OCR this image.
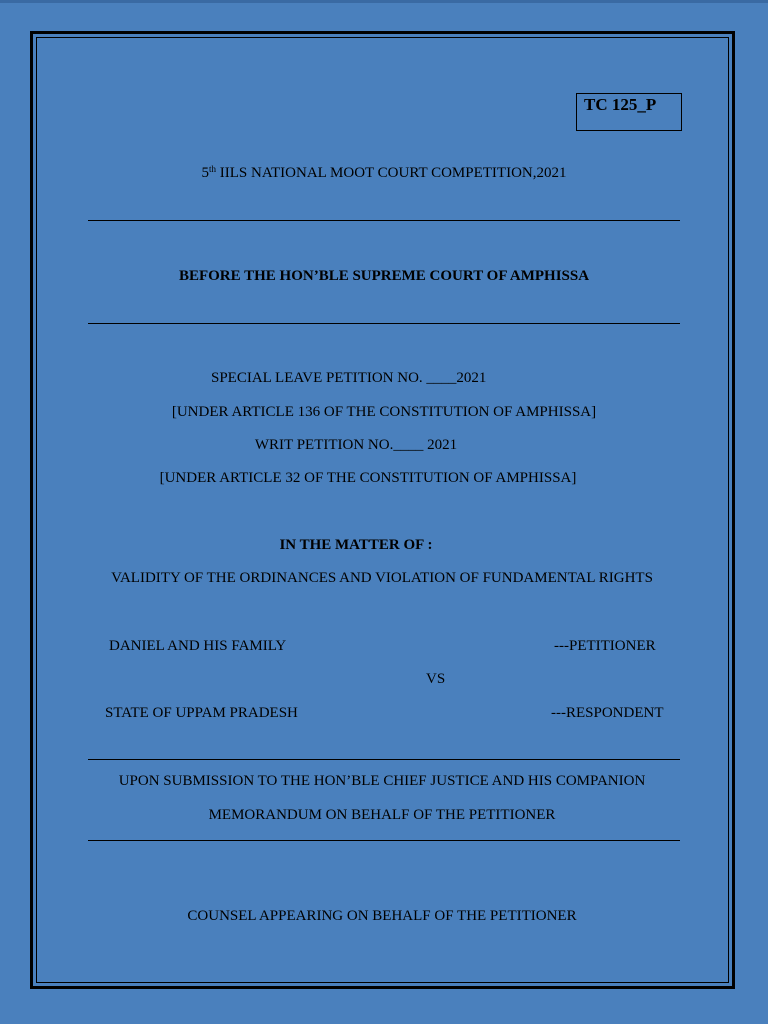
TC 125_P
5th IILS NATIONAL MOOT COURT COMPETITION,2021
BEFORE THE HON’BLE SUPREME COURT OF AMPHISSA
SPECIAL LEAVE PETITION NO. ____2021
[UNDER ARTICLE 136 OF THE CONSTITUTION OF AMPHISSA]
WRIT PETITION NO.____ 2021
[UNDER ARTICLE 32 OF THE CONSTITUTION OF AMPHISSA]
IN THE MATTER OF :
VALIDITY OF THE ORDINANCES AND VIOLATION OF FUNDAMENTAL RIGHTS
DANIEL AND HIS FAMILY	---PETITIONER
VS
STATE OF UPPAM PRADESH	---RESPONDENT
UPON SUBMISSION TO THE HON’BLE CHIEF JUSTICE AND HIS COMPANION
MEMORANDUM ON BEHALF OF THE PETITIONER
COUNSEL APPEARING ON BEHALF OF THE PETITIONER
